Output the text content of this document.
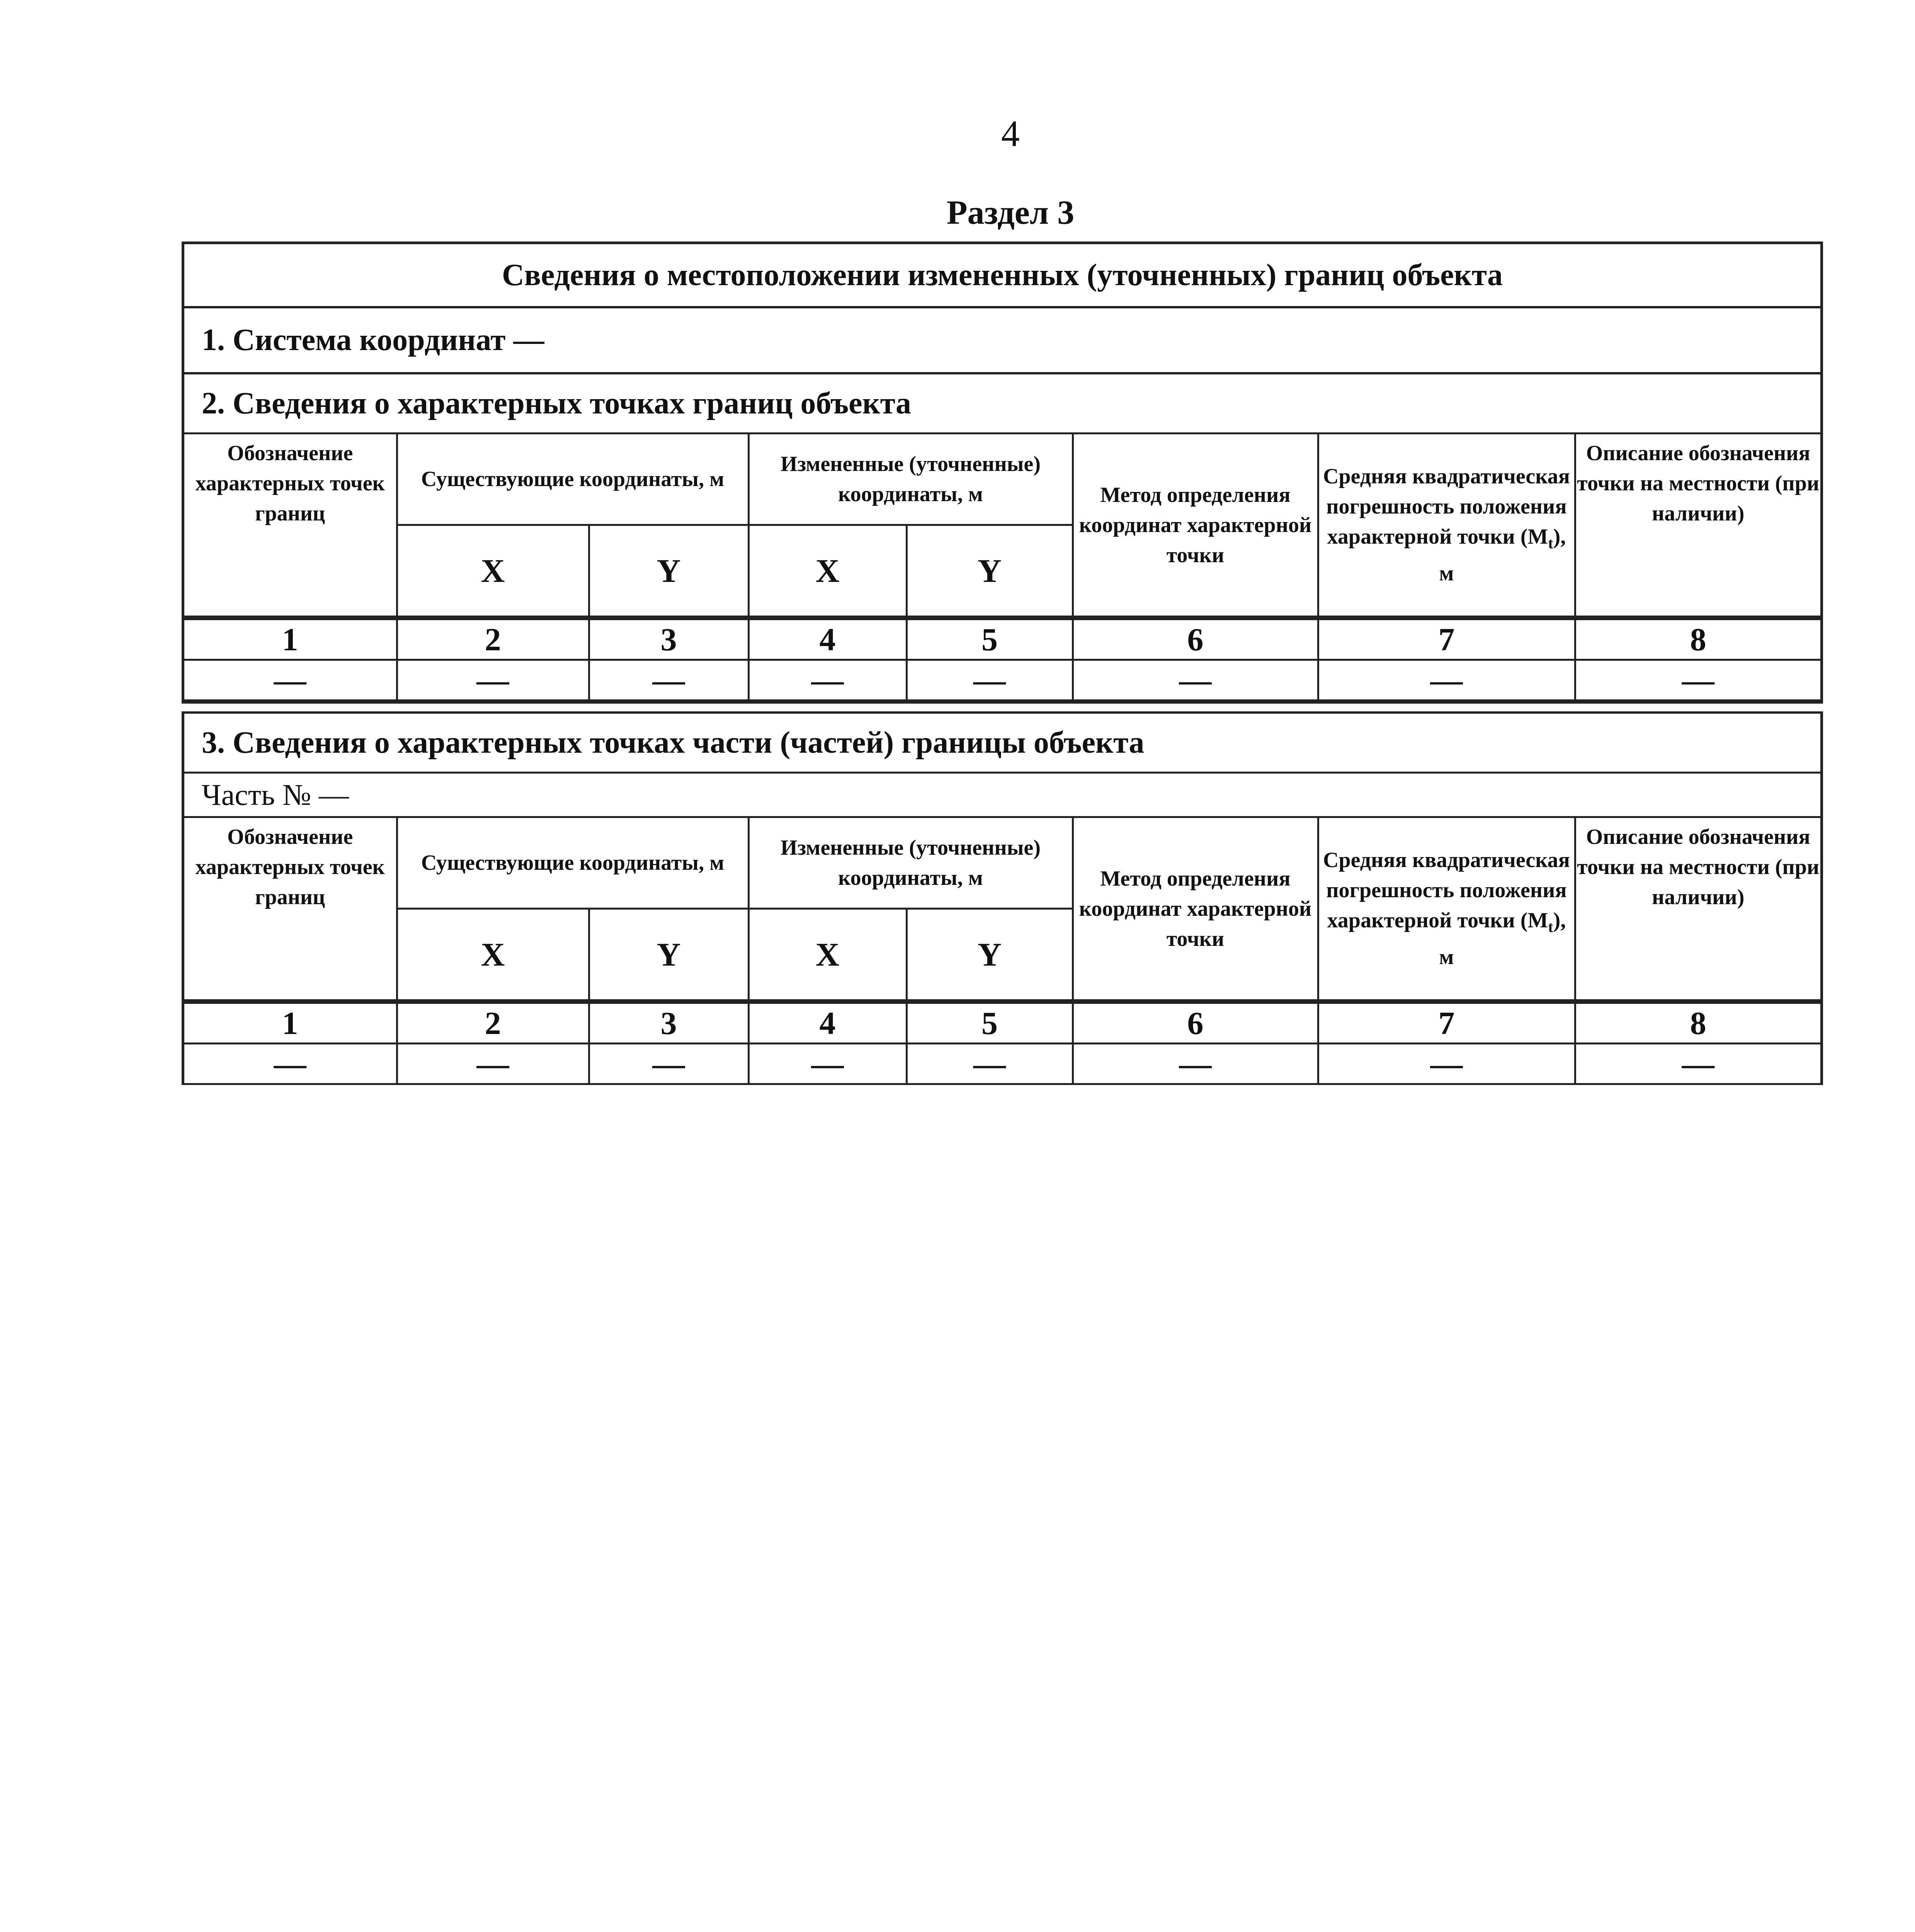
4
Раздел 3
Сведения о местоположении измененных (уточненных) границ объекта
1. Система координат —
2. Сведения о характерных точках границ объекта
Обозначение характерных точек границ	Существующие координаты, м		Измененные (уточненные) координаты, м		Метод определения координат характерной точки	Средняя квадратическая погрешность положения характерной точки $(M_t)$, м	Описание обозначения точки на местности (при наличии)
	X	Y	X	Y			
1	2	3	4	5	6	7	8
—	—	—	—	—	—	—	—
3. Сведения о характерных точках части (частей) границы объекта
Часть № —
Обозначение характерных точек границ	Существующие координаты, м		Измененные (уточненные) координаты, м		Метод определения координат характерной точки	Средняя квадратическая погрешность положения характерной точки $(M_t)$, м	Описание обозначения точки на местности (при наличии)
	X	Y	X	Y			
1	2	3	4	5	6	7	8
—	—	—	—	—	—	—	—
